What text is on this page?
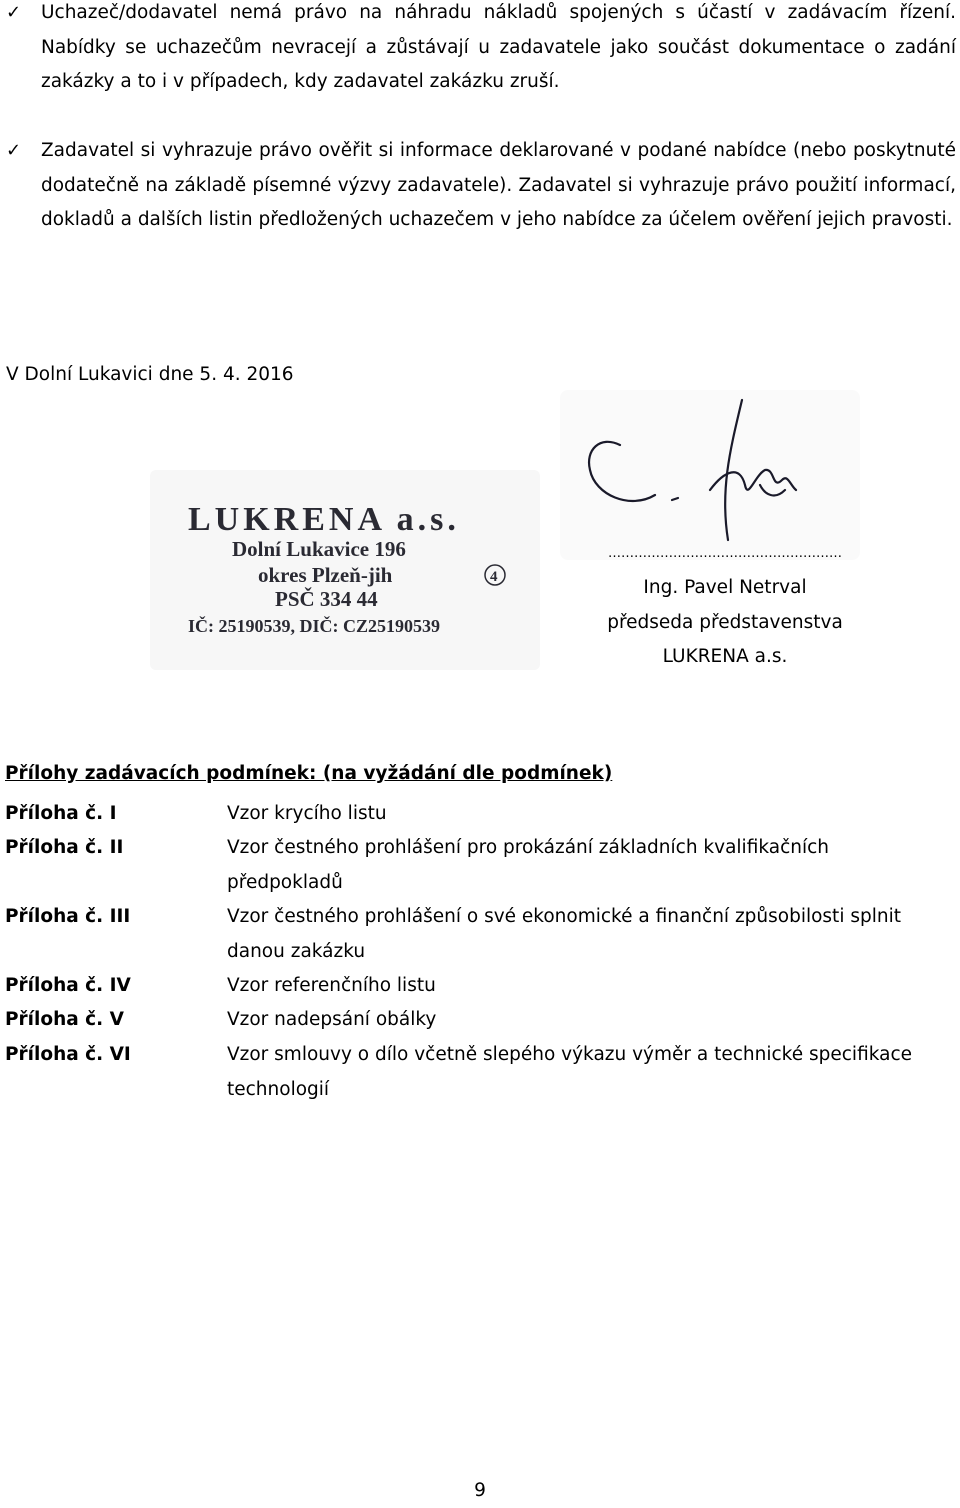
✓ Uchazeč/dodavatel nemá právo na náhradu nákladů spojených s účastí v zadávacím řízení. Nabídky se uchazečům nevracejí a zůstávají u zadavatele jako součást dokumentace o zadání zakázky a to i v případech, kdy zadavatel zakázku zruší.
✓ Zadavatel si vyhrazuje právo ověřit si informace deklarované v podané nabídce (nebo poskytnuté dodatečně na základě písemné výzvy zadavatele). Zadavatel si vyhrazuje právo použití informací, dokladů a dalších listin předložených uchazečem v jeho nabídce za účelem ověření jejich pravosti.
V Dolní Lukavici dne 5. 4. 2016
LUKRENA a.s.
Dolní Lukavice 196
okres Plzeň-jih	4
PSČ 334 44
IČ: 25190539, DIČ: CZ25190539
………………………………………………
Ing. Pavel Netrval
předseda představenstva
LUKRENA a.s.
Přílohy zadávacích podmínek: (na vyžádání dle podmínek)
Příloha č. I	Vzor krycího listu
Příloha č. II	Vzor čestného prohlášení pro prokázání základních kvalifikačních předpokladů
Příloha č. III	Vzor čestného prohlášení o své ekonomické a finanční způsobilosti splnit danou zakázku
Příloha č. IV	Vzor referenčního listu
Příloha č. V	Vzor nadepsání obálky
Příloha č. VI	Vzor smlouvy o dílo včetně slepého výkazu výměr a technické specifikace technologií
9
